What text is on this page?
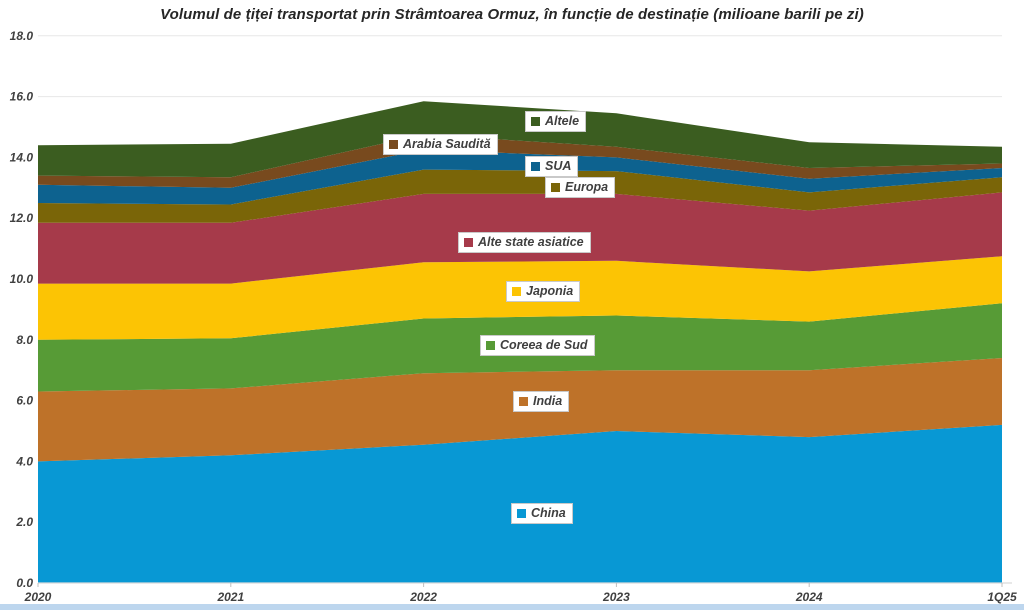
Volumul de țiței transportat prin Strâmtoarea Ormuz, în funcție de destinație (milioane barili pe zi)
0.0
2.0
4.0
6.0
8.0
10.0
12.0
14.0
16.0
18.0
2020	2021	2022	2023	2024	1Q25
China
India
Coreea de Sud
Japonia
Alte state asiatice
Europa
SUA
Arabia Saudită
Altele
